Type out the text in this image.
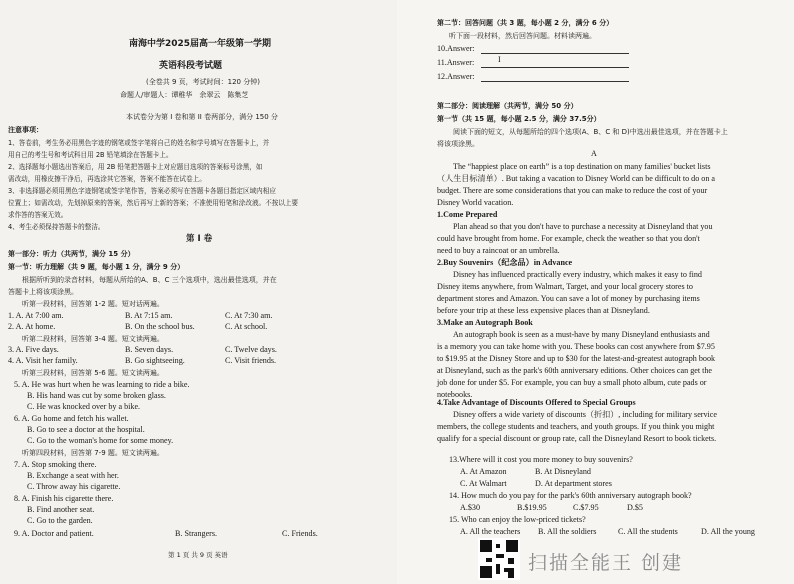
南海中学2025届高一年级第一学期
英语科段考试题
(全卷共 9 页，考试时间：120 分钟)
命题人/审题人：谭稚华　余翠云　陈集芝
本试卷分为第 I 卷和第 II 卷两部分，满分 150 分
注意事项：
1、答卷前，考生务必用黑色字迹的钢笔或签字笔将自己的姓名和学号填写在答题卡上，并
用自己的考生号和考试科目用 2B 铅笔填涂在答题卡上。
2、选择题每小题选出答案后，用 2B 铅笔把答题卡上对应题目选项的答案标号涂黑，如
需改动，用橡皮擦干净后，再选涂其它答案，答案不能答在试卷上。
3、非选择题必须用黑色字迹钢笔或签字笔作答，答案必须写在答题卡各题目指定区域内相应
位置上；如需改动，先划掉原来的答案，然后再写上新的答案；不准使用铅笔和涂改液。不按以上要
求作答的答案无效。
4、考生必须保持答题卡的整洁。
第 I 卷
第一部分：听力（共两节，满分 15 分）
第一节：听力理解（共 9 题，每小题 1 分，满分 9 分）
根据所听到的录音材料，每题从所给的A、B、C 三个选项中，选出最佳选项，并在
答题卡上将该项涂黑。
听第一段材料，回答第 1-2 题。短对话两遍。
1. A. At 7:00 am.	B. At 7:15 am.	C. At 7:30 am.
2. A. At home.	B. On the school bus.	C. At school.
听第二段材料，回答第 3-4 题。短文读两遍。
3. A. Five days.	B. Seven days.	C. Twelve days.
4. A. Visit her family.	B. Go sightseeing.	C. Visit friends.
听第三段材料，回答第 5-6 题。短文读两遍。
5. A. He was hurt when he was learning to ride a bike.
B. His hand was cut by some broken glass.
C. He was knocked over by a bike.
6. A. Go home and fetch his wallet.
B. Go to see a doctor at the hospital.
C. Go to the woman's home for some money.
听第四段材料，回答第 7-9 题。短文读两遍。
7. A. Stop smoking there.
B. Exchange a seat with her.
C. Throw away his cigarette.
8. A. Finish his cigarette there.
B. Find another seat.
C. Go to the garden.
9. A. Doctor and patient.	B. Strangers.	C. Friends.
第 1 页 共 9 页 英语
第二节：回答问题（共 3 题，每小题 2 分，满分 6 分）
听下面一段材料，然后回答问题。材料读两遍。
10.Answer:
11.Answer:	I
12.Answer:
第二部分：阅读理解（共两节，满分 50 分）
第一节（共 15 题，每小题 2.5 分，满分 37.5分）
阅读下面的短文，从每题所给的四个选项(A、B、C 和 D)中选出最佳选项，并在答题卡上
将该项涂黑。
A
The “happiest place on earth” is a top destination on many families' bucket lists
（人生目标清单）. But taking a vacation to Disney World can be difficult to do on a
budget. There are some considerations that you can make to reduce the cost of your
Disney World vacation.
1.Come Prepared
Plan ahead so that you don't have to purchase a necessity at Disneyland that you
could have brought from home. For example, check the weather so that you don't
need to buy a raincoat or an umbrella.
2.Buy Souvenirs（纪念品）in Advance
Disney has influenced practically every industry, which makes it easy to find
Disney items anywhere, from Walmart, Target, and your local grocery stores to
department stores and Amazon. You can save a lot of money by purchasing items
before your trip at these less expensive places than at Disneyland.
3.Make an Autograph Book
An autograph book is seen as a must-have by many Disneyland enthusiasts and
is a memory you can take home with you. These books can cost anywhere from $7.95
to $19.95 at the Disney Store and up to $30 for the latest-and-greatest autograph book
at Disneyland, such as the park's 60th anniversary editions. Other choices can get the
job done for under $5. For example, you can buy a small photo album, cute pads or
notebooks.
4.Take Advantage of Discounts Offered to Special Groups
Disney offers a wide variety of discounts（折扣）, including for military service
members, the college students and teachers, and youth groups. If you think you might
qualify for a special discount or group rate, call the Disneyland Resort to book tickets.
13.Where will it cost you more money to buy souvenirs?
A. At Amazon	B. At Disneyland
C. At Walmart	D. At department stores
14. How much do you pay for the park's 60th anniversary autograph book?
A.$30	B.$19.95	C.$7.95	D.$5
15. Who can enjoy the low-priced tickets?
A. All the teachers B. All the soldiers	C. All the students	D. All the young
扫描全能王 创建
